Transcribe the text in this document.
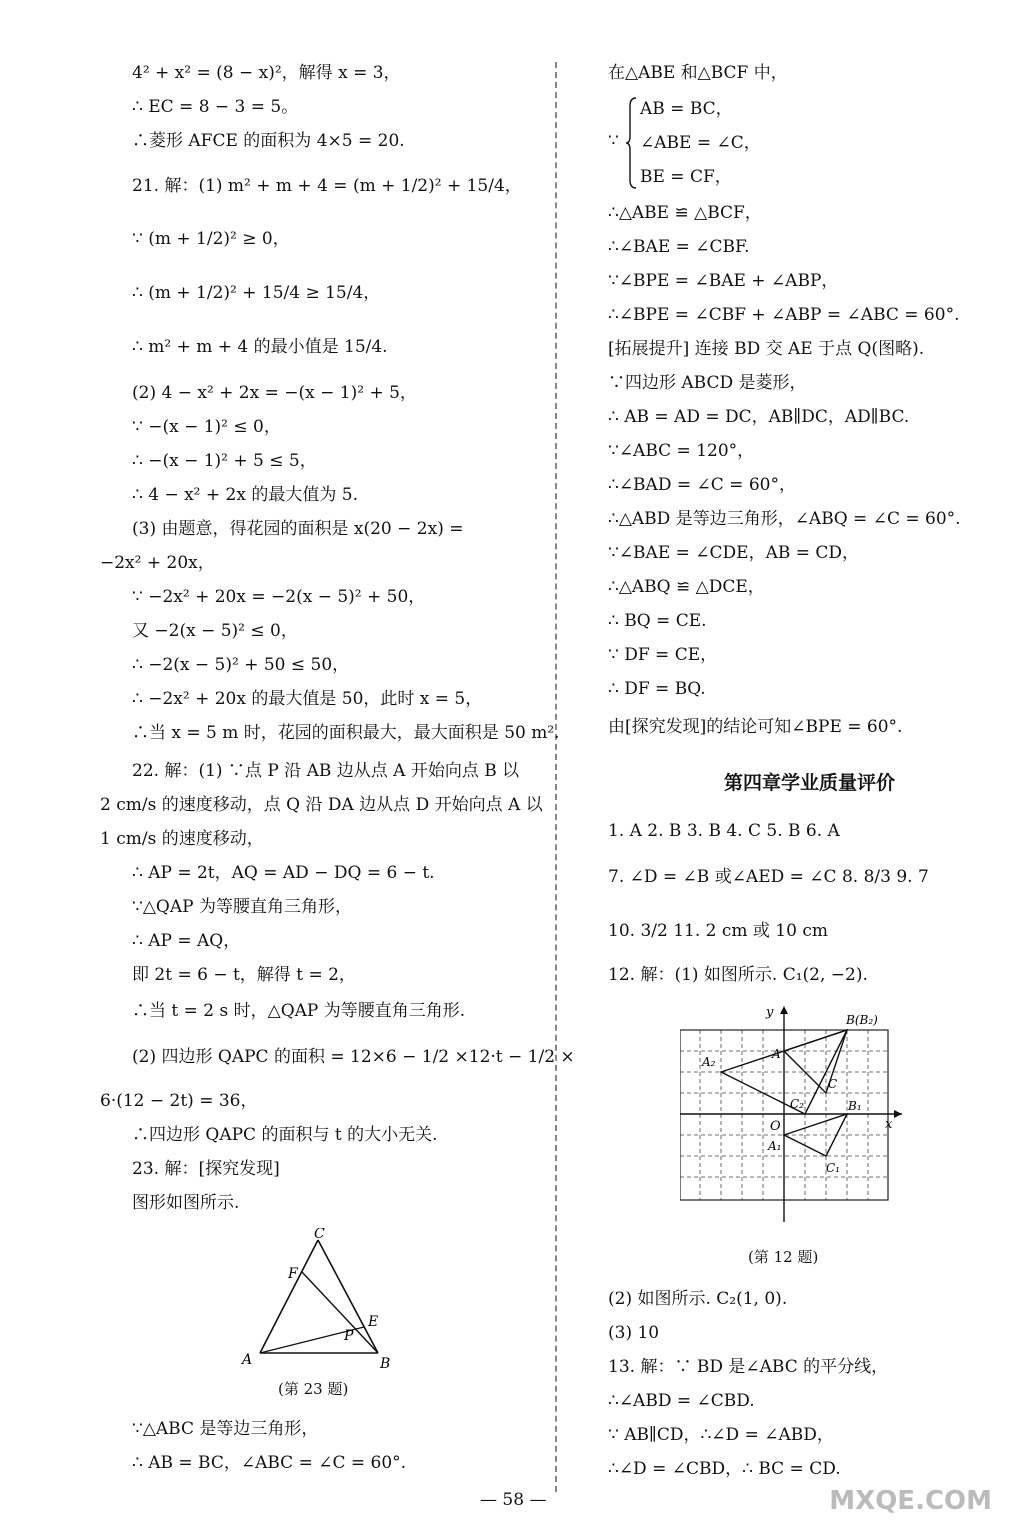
4² + x² = (8 − x)²，解得 x = 3，
∴ EC = 8 − 3 = 5。
∴菱形 AFCE 的面积为 4×5 = 20.
21. 解：(1) m² + m + 4 = (m + 1/2)² + 15/4，
∵ (m + 1/2)² ≥ 0，
∴ (m + 1/2)² + 15/4 ≥ 15/4，
∴ m² + m + 4 的最小值是 15/4.
(2) 4 − x² + 2x = −(x − 1)² + 5，
∵ −(x − 1)² ≤ 0，
∴ −(x − 1)² + 5 ≤ 5，
∴ 4 − x² + 2x 的最大值为 5.
(3) 由题意，得花园的面积是 x(20 − 2x) =
−2x² + 20x，
∵ −2x² + 20x = −2(x − 5)² + 50，
又 −2(x − 5)² ≤ 0，
∴ −2(x − 5)² + 50 ≤ 50，
∴ −2x² + 20x 的最大值是 50，此时 x = 5，
∴当 x = 5 m 时，花园的面积最大，最大面积是 50 m².
22. 解：(1) ∵点 P 沿 AB 边从点 A 开始向点 B 以
2 cm/s 的速度移动，点 Q 沿 DA 边从点 D 开始向点 A 以
1 cm/s 的速度移动，
∴ AP = 2t，AQ = AD − DQ = 6 − t.
∵△QAP 为等腰直角三角形，
∴ AP = AQ，
即 2t = 6 − t，解得 t = 2，
∴当 t = 2 s 时，△QAP 为等腰直角三角形.
(2) 四边形 QAPC 的面积 = 12×6 − 1/2 ×12·t − 1/2 ×
6·(12 − 2t) = 36，
∴四边形 QAPC 的面积与 t 的大小无关.
23. 解：[探究发现]
图形如图所示.
C
F
E
P
A	B
(第 23 题)
∵△ABC 是等边三角形，
∴ AB = BC，∠ABC = ∠C = 60°.
在△ABE 和△BCF 中，
∵
AB = BC，
∠ABE = ∠C，
BE = CF，
∴△ABE ≌ △BCF，
∴∠BAE = ∠CBF.
∵∠BPE = ∠BAE + ∠ABP，
∴∠BPE = ∠CBF + ∠ABP = ∠ABC = 60°.
[拓展提升] 连接 BD 交 AE 于点 Q(图略).
∵四边形 ABCD 是菱形，
∴ AB = AD = DC，AB∥DC，AD∥BC.
∵∠ABC = 120°，
∴∠BAD = ∠C = 60°，
∴△ABD 是等边三角形，∠ABQ = ∠C = 60°.
∵∠BAE = ∠CDE，AB = CD，
∴△ABQ ≌ △DCE，
∴ BQ = CE.
∵ DF = CE，
∴ DF = BQ.
由[探究发现]的结论可知∠BPE = 60°.
第四章学业质量评价
1. A 2. B 3. B 4. C 5. B 6. A
7. ∠D = ∠B 或∠AED = ∠C 8. 8/3 9. 7
10. 3/2 11. 2 cm 或 10 cm
12. 解：(1) 如图所示. C₁(2, −2).
y
x
O
B(B₂)
A
A₂
C
C₂	B₁
A₁
C₁
(第 12 题)
(2) 如图所示. C₂(1, 0).
(3) 10
13. 解：∵ BD 是∠ABC 的平分线，
∴∠ABD = ∠CBD.
∵ AB∥CD，∴∠D = ∠ABD，
∴∠D = ∠CBD，∴ BC = CD.
— 58 —	MXQE.COM
